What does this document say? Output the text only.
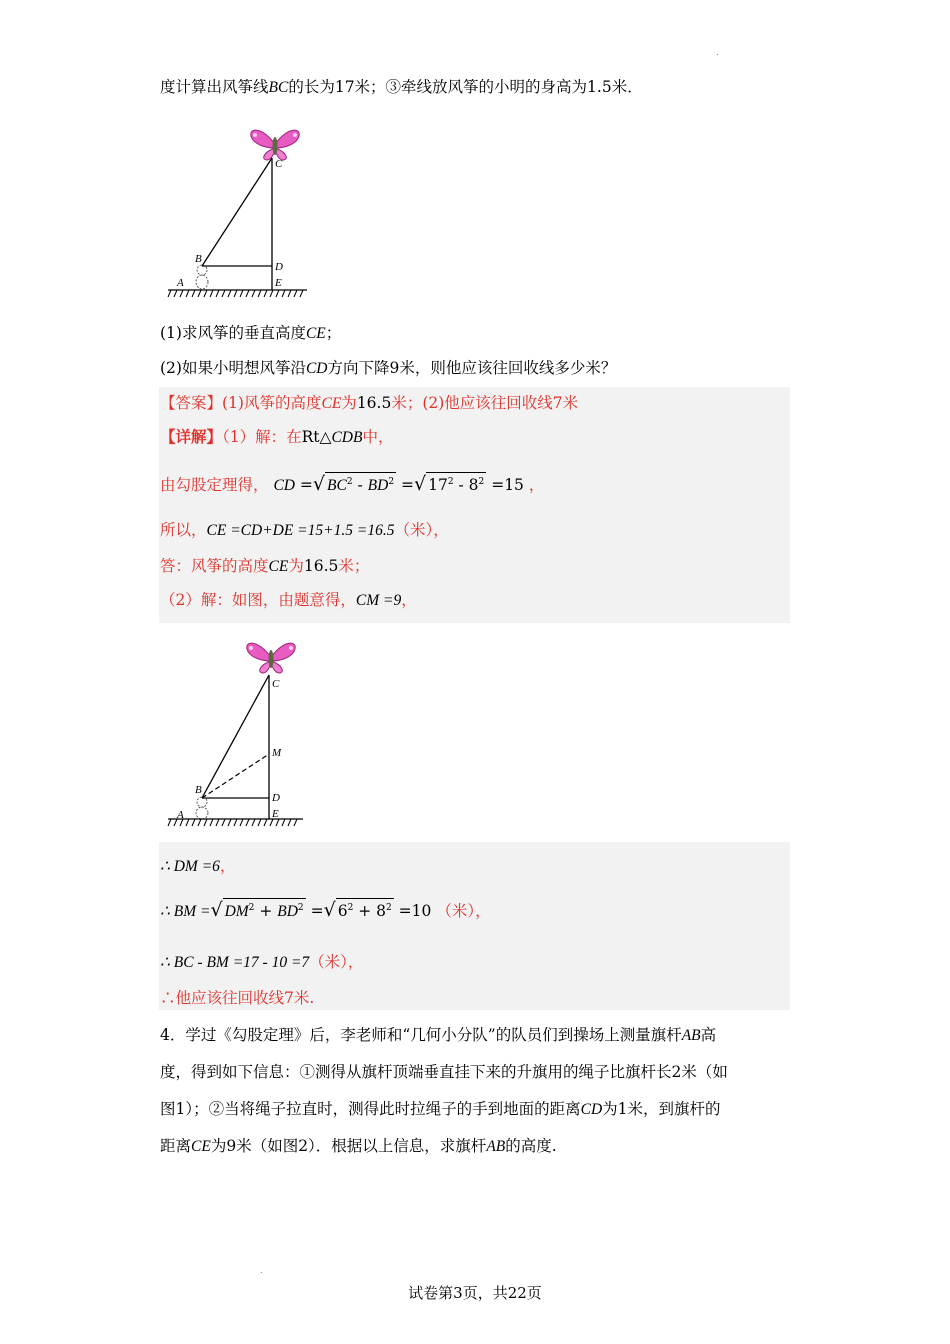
.
度计算出风筝线BC的长为17米；③牵线放风筝的小明的身高为1.5米．
C
B
D
E
A
(1)求风筝的垂直高度CE；
(2)如果小明想风筝沿CD方向下降9米，则他应该往回收线多少米？
【答案】(1)风筝的高度CE为16.5米；(2)他应该往回收线7米
【详解】（1）解：在Rt△CDB中，
由勾股定理得， CD =√ $BC^2 - BD^2$ =√ $17^2 - 8^2 =15$ ，
所以，CE =CD+DE =15+1.5 =16.5（米），
答：风筝的高度CE为16.5米；
（2）解：如图，由题意得，CM =9，
C
M
B
D
E
A
∴ DM =6，
∴ BM =√ $DM^2 + BD^2$ =√ $6^2 + 8^2 =10$ （米），
∴ BC - BM =17 - 10 =7（米），
∴他应该往回收线7米.
4．学过《勾股定理》后，李老师和“几何小分队”的队员们到操场上测量旗杆AB高
度，得到如下信息：①测得从旗杆顶端垂直挂下来的升旗用的绳子比旗杆长2米（如
图1）；②当将绳子拉直时，测得此时拉绳子的手到地面的距离CD为1米，到旗杆的
距离CE为9米（如图2）．根据以上信息，求旗杆AB的高度.
.
试卷第3页，共22页
